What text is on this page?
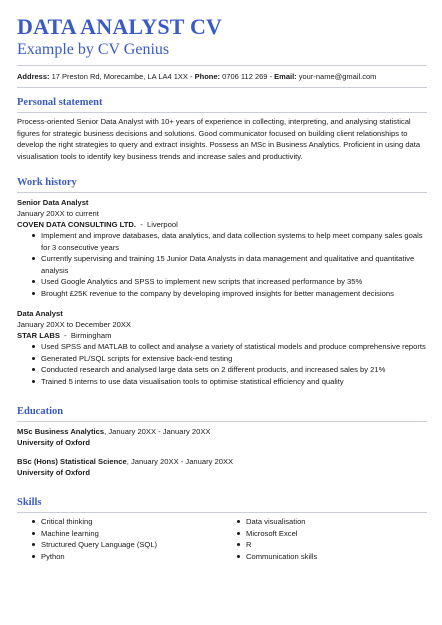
DATA ANALYST CV
Example by CV Genius
Address: 17 Preston Rd, Morecambe, LA LA4 1XX - Phone: 0706 112 269 - Email: your-name@gmail.com
Personal statement

Process-oriented Senior Data Analyst with 10+ years of experience in collecting, interpreting, and analysing statistical figures for strategic business decisions and solutions. Good communicator focused on building client relationships to develop the right strategies to query and extract insights. Possess an MSc in Business Analytics. Proficient in using data visualisation tools to identify key business trends and increase sales and productivity.

Work history
Senior Data Analyst
January 20XX to current
COVEN DATA CONSULTING LTD. - Liverpool
Implement and improve databases, data analytics, and data collection systems to help meet company sales goals for 3 consecutive years
Currently supervising and training 15 Junior Data Analysts in data management and qualitative and quantitative analysis
Used Google Analytics and SPSS to implement new scripts that increased performance by 35%
Brought £25K revenue to the company by developing improved insights for better management decisions
Data Analyst
January 20XX to December 20XX
STAR LABS - Birmingham
Used SPSS and MATLAB to collect and analyse a variety of statistical models and produce comprehensive reports
Generated PL/SQL scripts for extensive back-end testing
Conducted research and analysed large data sets on 2 different products, and increased sales by 21%
Trained 5 interns to use data visualisation tools to optimise statistical efficiency and quality
Education
MSc Business Analytics, January 20XX - January 20XX
University of Oxford
BSc (Hons) Statistical Science, January 20XX - January 20XX
University of Oxford
Skills
Critical thinking
Machine learning
Structured Query Language (SQL)
Python
Data visualisation
Microsoft Excel
R
Communication skills
